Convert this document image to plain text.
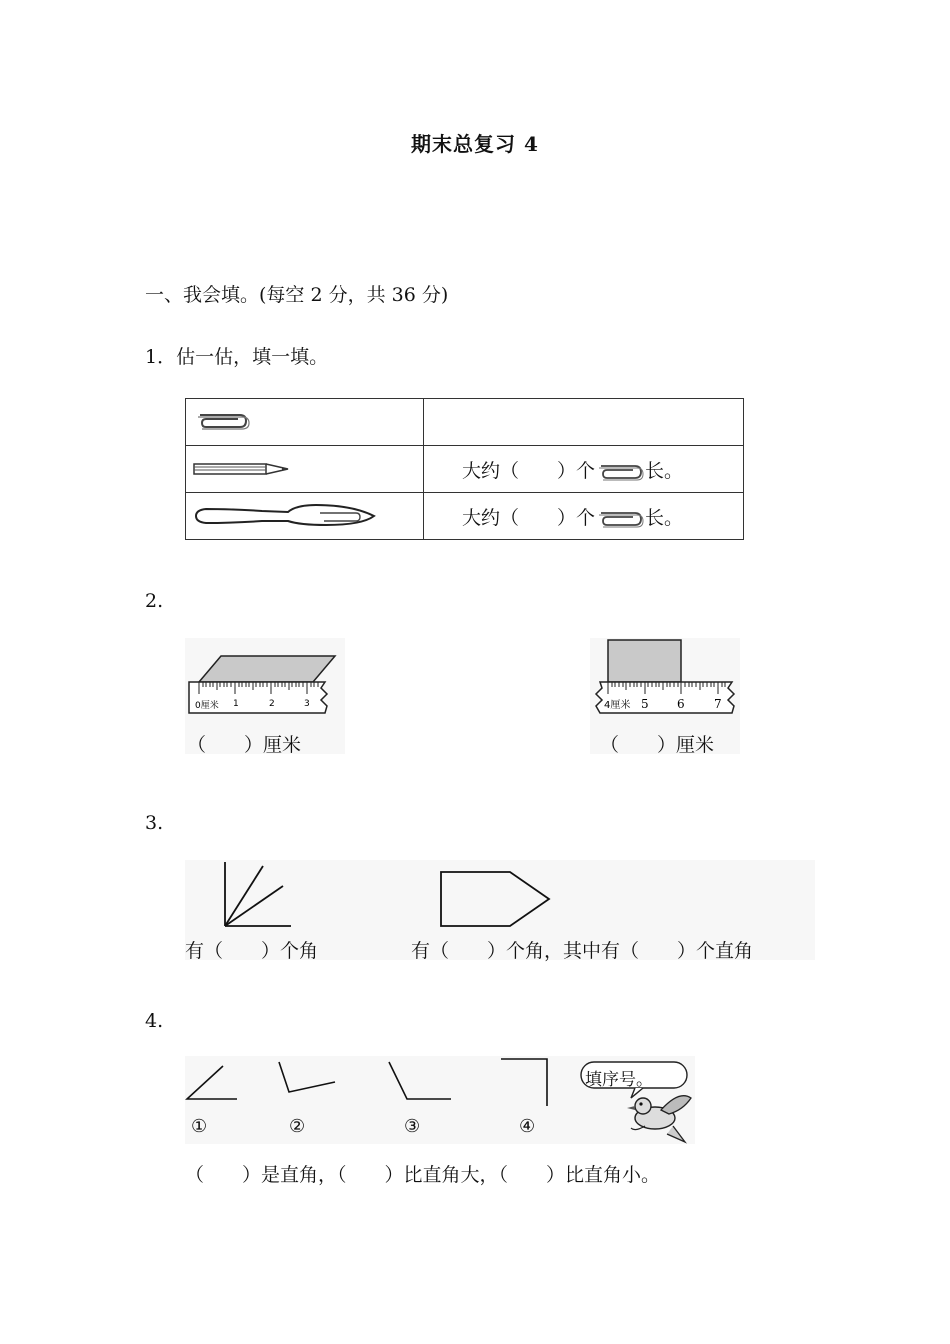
期末总复习 4
一、我会填。(每空 2 分，共 36 分)
1．估一估，填一填。

	大约（　　）个 长。

	大约（　　）个 长。
2.
0厘米 1	2	3
（　　）厘米
4厘米 5 6 7
（　　）厘米
3.
有（　　）个角	有（　　）个角，其中有（　　）个直角
4.
①	②	③	④
填序号。
（　　）是直角，（　　）比直角大，（　　）比直角小。
